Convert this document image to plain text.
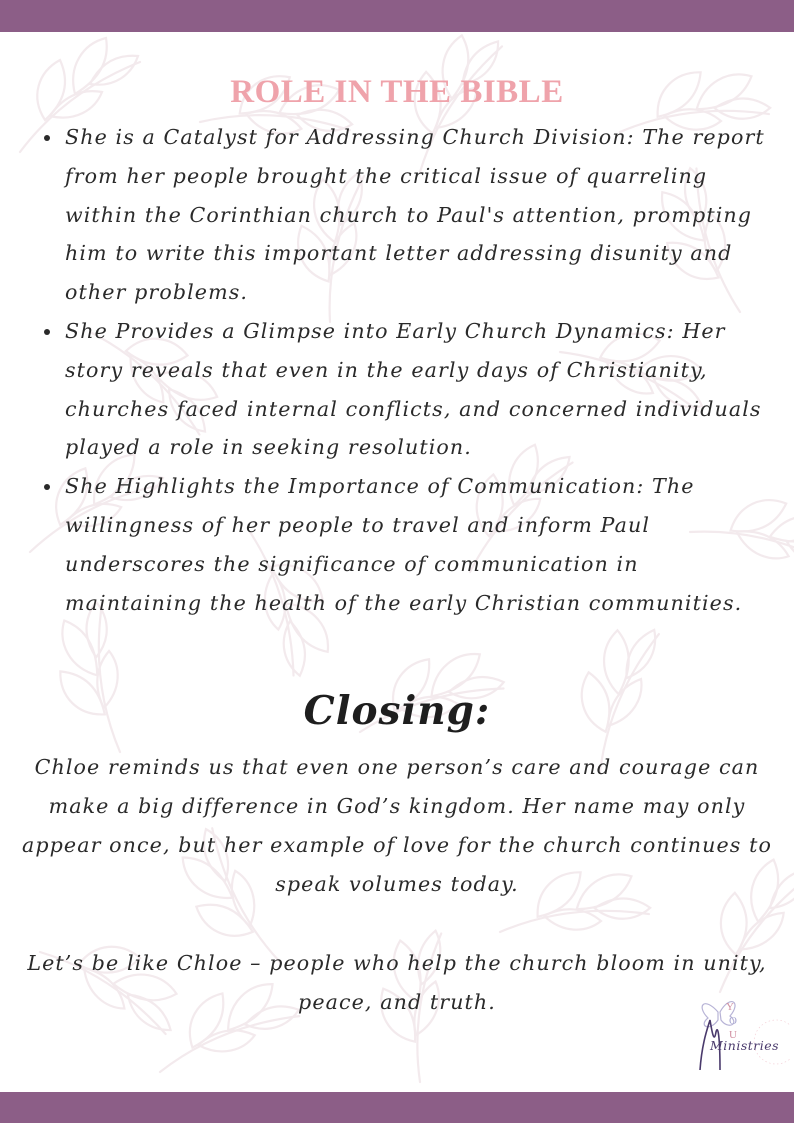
ROLE IN THE BIBLE
She is a Catalyst for Addressing Church Division: The report from her people brought the critical issue of quarreling within the Corinthian church to Paul's attention, prompting him to write this important letter addressing disunity and other problems.
She Provides a Glimpse into Early Church Dynamics: Her story reveals that even in the early days of Christianity, churches faced internal conflicts, and concerned individuals played a role in seeking resolution.
She Highlights the Importance of Communication: The willingness of her people to travel and inform Paul underscores the significance of communication in maintaining the health of the early Christian communities.
Closing:

Chloe reminds us that even one person’s care and courage can make a big difference in God’s kingdom. Her name may only appear once, but her example of love for the church continues to speak volumes today.

Let’s be like Chloe – people who help the church bloom in unity, peace, and truth.	Y
O
U
Ministries
